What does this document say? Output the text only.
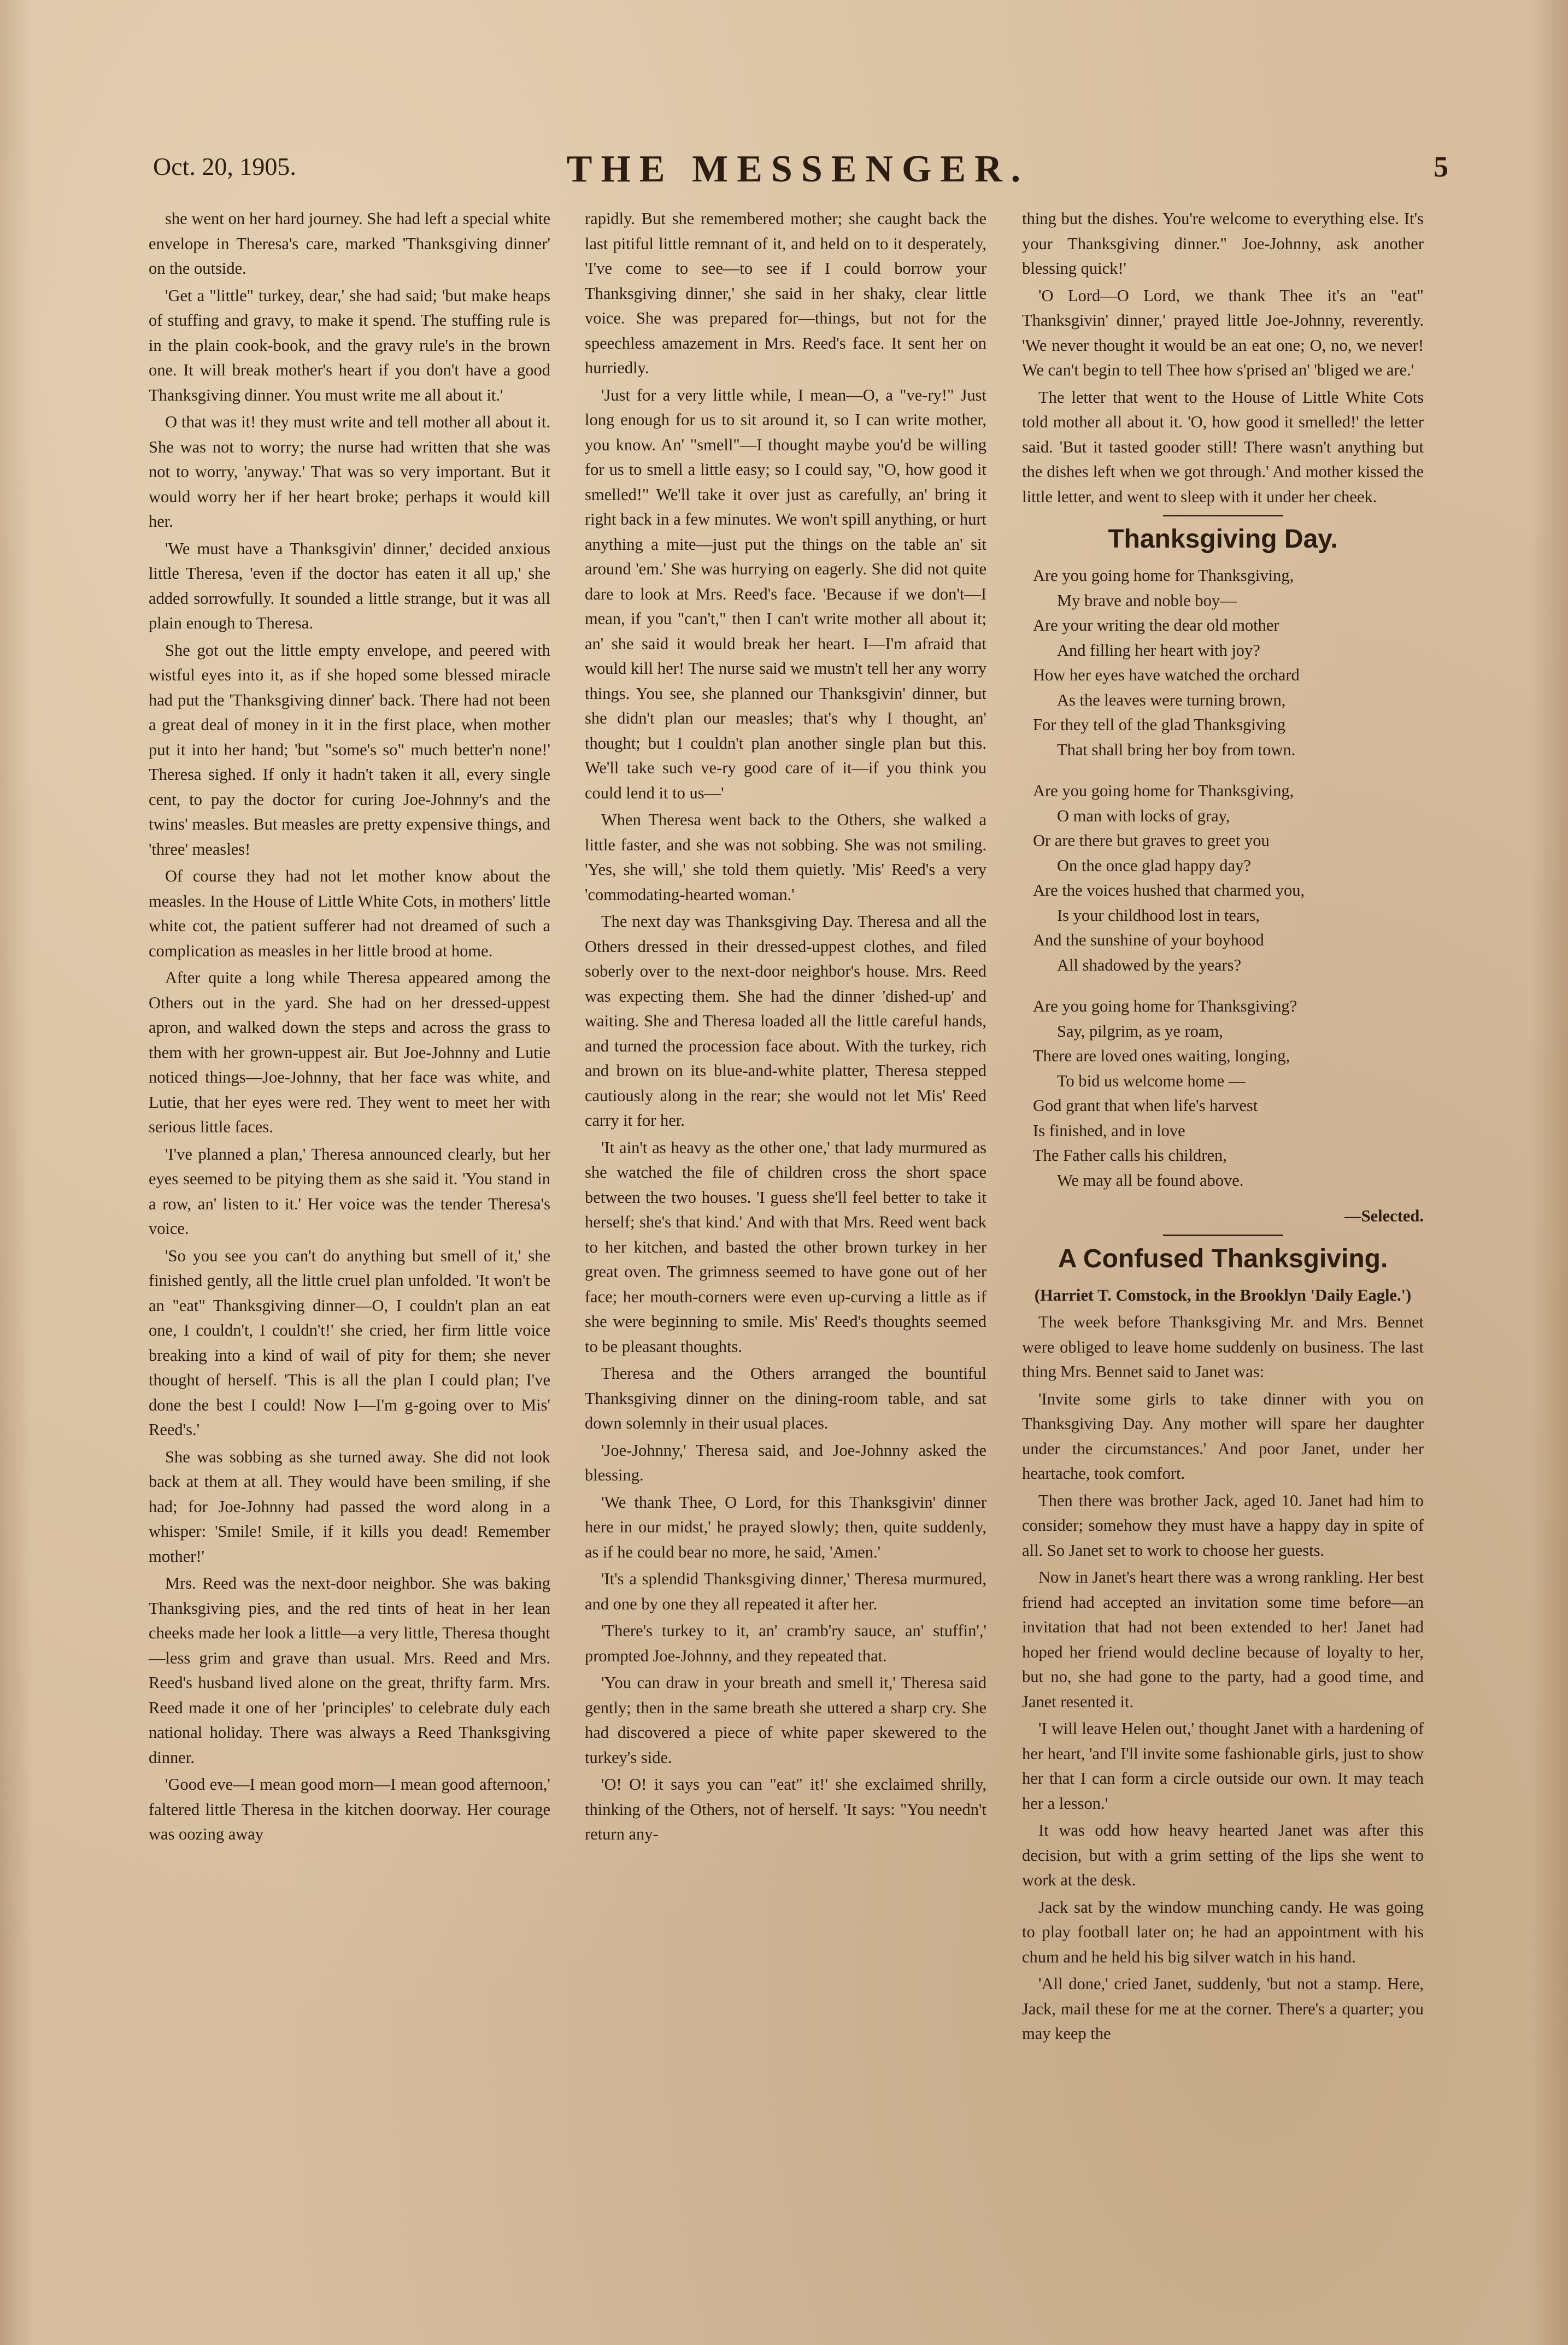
Oct. 20, 1905.	THE MESSENGER.	5

she went on her hard journey. She had left a special white envelope in Theresa's care, marked 'Thanksgiving dinner' on the outside.

'Get a "little" turkey, dear,' she had said; 'but make heaps of stuffing and gravy, to make it spend. The stuffing rule is in the plain cook-book, and the gravy rule's in the brown one. It will break mother's heart if you don't have a good Thanksgiving dinner. You must write me all about it.'

O that was it! they must write and tell mother all about it. She was not to worry; the nurse had written that she was not to worry, 'anyway.' That was so very important. But it would worry her if her heart broke; perhaps it would kill her.

'We must have a Thanksgivin' dinner,' decided anxious little Theresa, 'even if the doctor has eaten it all up,' she added sorrowfully. It sounded a little strange, but it was all plain enough to Theresa.

She got out the little empty envelope, and peered with wistful eyes into it, as if she hoped some blessed miracle had put the 'Thanksgiving dinner' back. There had not been a great deal of money in it in the first place, when mother put it into her hand; 'but "some's so" much better'n none!' Theresa sighed. If only it hadn't taken it all, every single cent, to pay the doctor for curing Joe-Johnny's and the twins' measles. But measles are pretty expensive things, and 'three' measles!

Of course they had not let mother know about the measles. In the House of Little White Cots, in mothers' little white cot, the patient sufferer had not dreamed of such a complication as measles in her little brood at home.

After quite a long while Theresa appeared among the Others out in the yard. She had on her dressed-uppest apron, and walked down the steps and across the grass to them with her grown-uppest air. But Joe-Johnny and Lutie noticed things—Joe-Johnny, that her face was white, and Lutie, that her eyes were red. They went to meet her with serious little faces.

'I've planned a plan,' Theresa announced clearly, but her eyes seemed to be pitying them as she said it. 'You stand in a row, an' listen to it.' Her voice was the tender Theresa's voice.

'So you see you can't do anything but smell of it,' she finished gently, all the little cruel plan unfolded. 'It won't be an "eat" Thanksgiving dinner—O, I couldn't plan an eat one, I couldn't, I couldn't!' she cried, her firm little voice breaking into a kind of wail of pity for them; she never thought of herself. 'This is all the plan I could plan; I've done the best I could! Now I—I'm g-going over to Mis' Reed's.'

She was sobbing as she turned away. She did not look back at them at all. They would have been smiling, if she had; for Joe-Johnny had passed the word along in a whisper: 'Smile! Smile, if it kills you dead! Remember mother!'

Mrs. Reed was the next-door neighbor. She was baking Thanksgiving pies, and the red tints of heat in her lean cheeks made her look a little—a very little, Theresa thought—less grim and grave than usual. Mrs. Reed and Mrs. Reed's husband lived alone on the great, thrifty farm. Mrs. Reed made it one of her 'principles' to celebrate duly each national holiday. There was always a Reed Thanksgiving dinner.

'Good eve—I mean good morn—I mean good afternoon,' faltered little Theresa in the kitchen doorway. Her courage was oozing away

rapidly. But she remembered mother; she caught back the last pitiful little remnant of it, and held on to it desperately, 'I've come to see—to see if I could borrow your Thanksgiving dinner,' she said in her shaky, clear little voice. She was prepared for—things, but not for the speechless amazement in Mrs. Reed's face. It sent her on hurriedly.

'Just for a very little while, I mean—O, a "ve-ry!" Just long enough for us to sit around it, so I can write mother, you know. An' "smell"—I thought maybe you'd be willing for us to smell a little easy; so I could say, "O, how good it smelled!" We'll take it over just as carefully, an' bring it right back in a few minutes. We won't spill anything, or hurt anything a mite—just put the things on the table an' sit around 'em.' She was hurrying on eagerly. She did not quite dare to look at Mrs. Reed's face. 'Because if we don't—I mean, if you "can't," then I can't write mother all about it; an' she said it would break her heart. I—I'm afraid that would kill her! The nurse said we mustn't tell her any worry things. You see, she planned our Thanksgivin' dinner, but she didn't plan our measles; that's why I thought, an' thought; but I couldn't plan another single plan but this. We'll take such ve-ry good care of it—if you think you could lend it to us—'

When Theresa went back to the Others, she walked a little faster, and she was not sobbing. She was not smiling. 'Yes, she will,' she told them quietly. 'Mis' Reed's a very 'commodating-hearted woman.'

The next day was Thanksgiving Day. Theresa and all the Others dressed in their dressed-uppest clothes, and filed soberly over to the next-door neighbor's house. Mrs. Reed was expecting them. She had the dinner 'dished-up' and waiting. She and Theresa loaded all the little careful hands, and turned the procession face about. With the turkey, rich and brown on its blue-and-white platter, Theresa stepped cautiously along in the rear; she would not let Mis' Reed carry it for her.

'It ain't as heavy as the other one,' that lady murmured as she watched the file of children cross the short space between the two houses. 'I guess she'll feel better to take it herself; she's that kind.' And with that Mrs. Reed went back to her kitchen, and basted the other brown turkey in her great oven. The grimness seemed to have gone out of her face; her mouth-corners were even up-curving a little as if she were beginning to smile. Mis' Reed's thoughts seemed to be pleasant thoughts.

Theresa and the Others arranged the bountiful Thanksgiving dinner on the dining-room table, and sat down solemnly in their usual places.

'Joe-Johnny,' Theresa said, and Joe-Johnny asked the blessing.

'We thank Thee, O Lord, for this Thanksgivin' dinner here in our midst,' he prayed slowly; then, quite suddenly, as if he could bear no more, he said, 'Amen.'

'It's a splendid Thanksgiving dinner,' Theresa murmured, and one by one they all repeated it after her.

'There's turkey to it, an' cramb'ry sauce, an' stuffin',' prompted Joe-Johnny, and they repeated that.

'You can draw in your breath and smell it,' Theresa said gently; then in the same breath she uttered a sharp cry. She had discovered a piece of white paper skewered to the turkey's side.

'O! O! it says you can "eat" it!' she exclaimed shrilly, thinking of the Others, not of herself. 'It says: "You needn't return any-

thing but the dishes. You're welcome to everything else. It's your Thanksgiving dinner." Joe-Johnny, ask another blessing quick!'

'O Lord—O Lord, we thank Thee it's an "eat" Thanksgivin' dinner,' prayed little Joe-Johnny, reverently. 'We never thought it would be an eat one; O, no, we never! We can't begin to tell Thee how s'prised an' 'bliged we are.'

The letter that went to the House of Little White Cots told mother all about it. 'O, how good it smelled!' the letter said. 'But it tasted gooder still! There wasn't anything but the dishes left when we got through.' And mother kissed the little letter, and went to sleep with it under her cheek.

Thanksgiving Day.
Are you going home for Thanksgiving,
My brave and noble boy—
Are your writing the dear old mother
And filling her heart with joy?
How her eyes have watched the orchard
As the leaves were turning brown,
For they tell of the glad Thanksgiving
That shall bring her boy from town.
Are you going home for Thanksgiving,
O man with locks of gray,
Or are there but graves to greet you
On the once glad happy day?
Are the voices hushed that charmed you,
Is your childhood lost in tears,
And the sunshine of your boyhood
All shadowed by the years?
Are you going home for Thanksgiving?
Say, pilgrim, as ye roam,
There are loved ones waiting, longing,
To bid us welcome home —
God grant that when life's harvest
Is finished, and in love
The Father calls his children,
We may all be found above.
—Selected.
A Confused Thanksgiving.

(Harriet T. Comstock, in the Brooklyn 'Daily Eagle.')

The week before Thanksgiving Mr. and Mrs. Bennet were obliged to leave home suddenly on business. The last thing Mrs. Bennet said to Janet was:

'Invite some girls to take dinner with you on Thanksgiving Day. Any mother will spare her daughter under the circumstances.' And poor Janet, under her heartache, took comfort.

Then there was brother Jack, aged 10. Janet had him to consider; somehow they must have a happy day in spite of all. So Janet set to work to choose her guests.

Now in Janet's heart there was a wrong rankling. Her best friend had accepted an invitation some time before—an invitation that had not been extended to her! Janet had hoped her friend would decline because of loyalty to her, but no, she had gone to the party, had a good time, and Janet resented it.

'I will leave Helen out,' thought Janet with a hardening of her heart, 'and I'll invite some fashionable girls, just to show her that I can form a circle outside our own. It may teach her a lesson.'

It was odd how heavy hearted Janet was after this decision, but with a grim setting of the lips she went to work at the desk.

Jack sat by the window munching candy. He was going to play football later on; he had an appointment with his chum and he held his big silver watch in his hand.

'All done,' cried Janet, suddenly, 'but not a stamp. Here, Jack, mail these for me at the corner. There's a quarter; you may keep the
